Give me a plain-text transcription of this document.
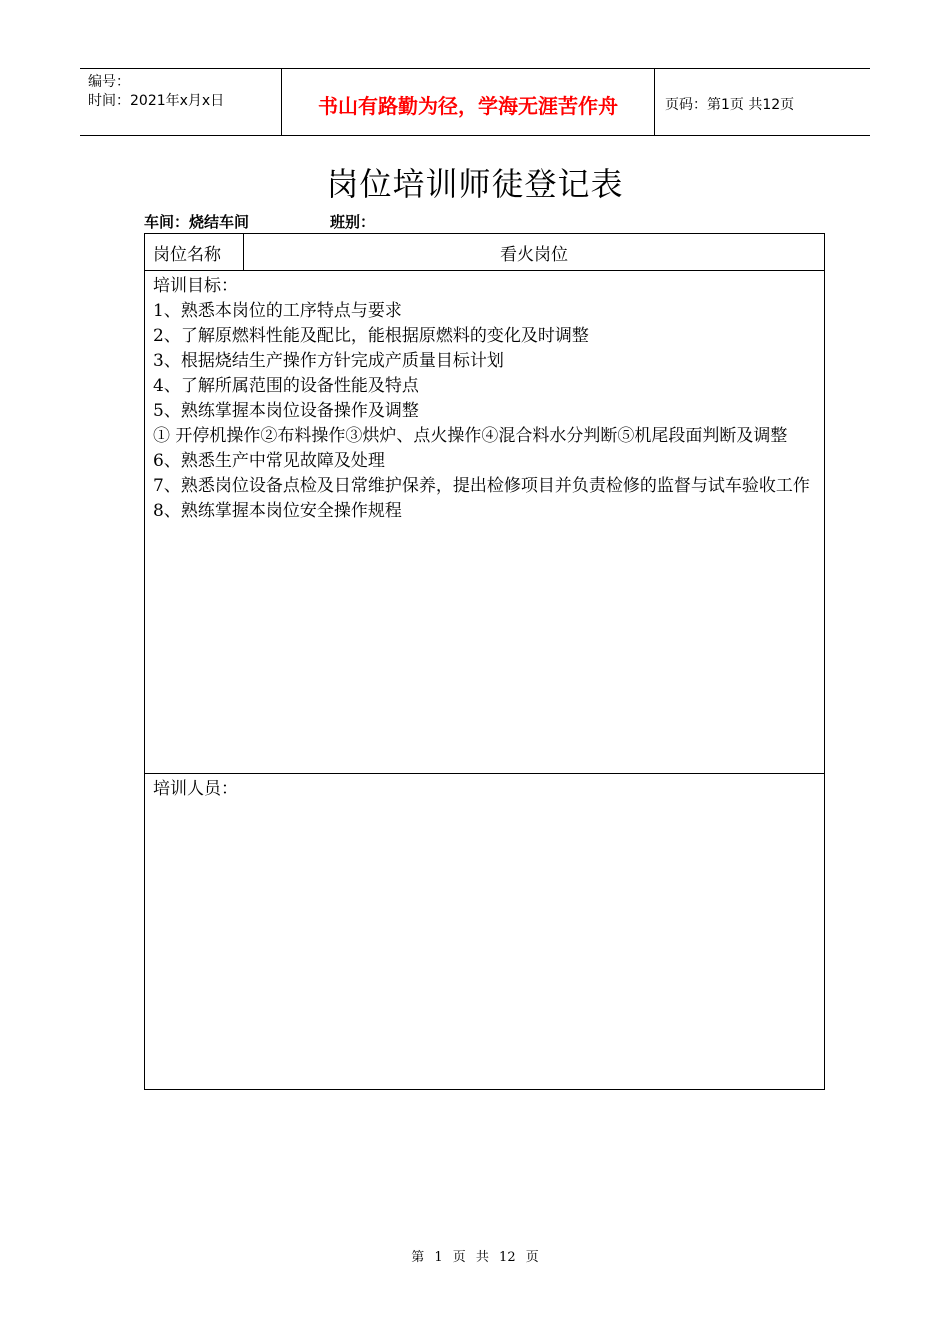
编号：
时间：2021年x月x日	书山有路勤为径，学海无涯苦作舟	页码：第1页 共12页
岗位培训师徒登记表
车间：烧结车间	班别：
岗位名称	看火岗位

培训目标：

1、熟悉本岗位的工序特点与要求

2、了解原燃料性能及配比，能根据原燃料的变化及时调整

3、根据烧结生产操作方针完成产质量目标计划

4、了解所属范围的设备性能及特点

5、熟练掌握本岗位设备操作及调整

① 开停机操作②布料操作③烘炉、点火操作④混合料水分判断⑤机尾段面判断及调整

6、熟悉生产中常见故障及处理

7、熟悉岗位设备点检及日常维护保养，提出检修项目并负责检修的监督与试车验收工作

8、熟练掌握本岗位安全操作规程

培训人员：
第 1 页 共 12 页
